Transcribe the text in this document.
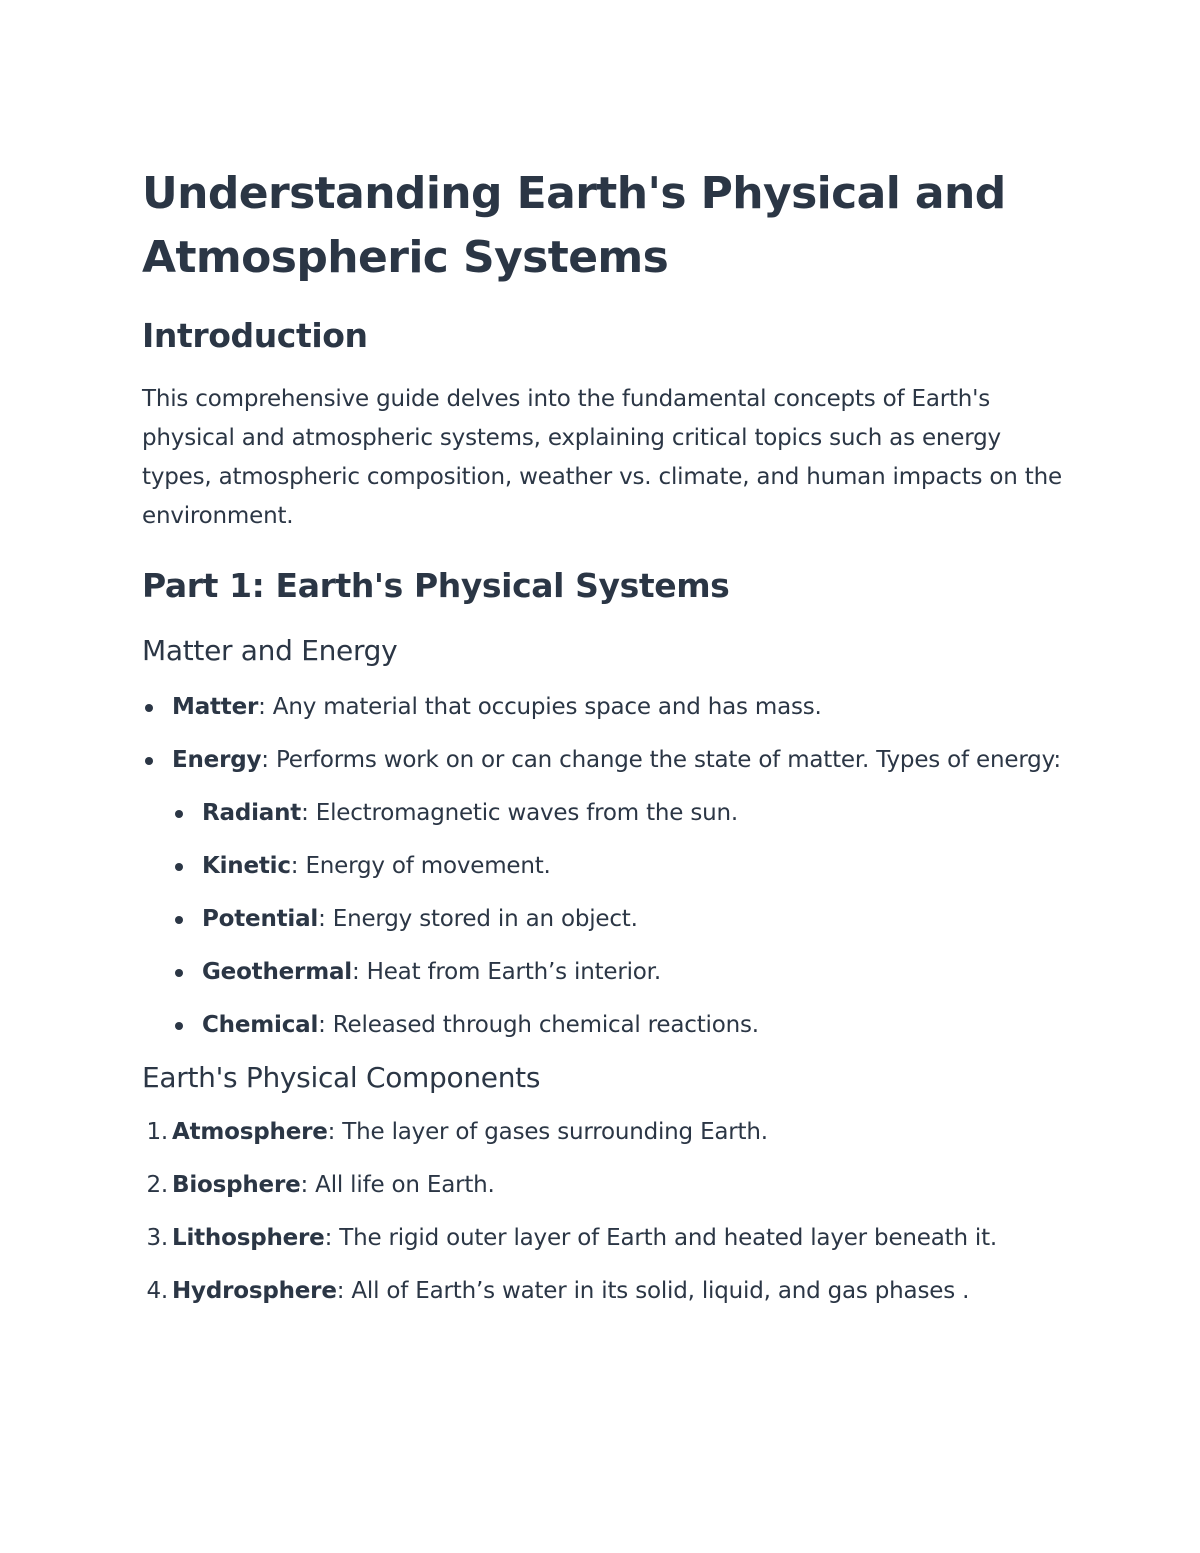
Understanding Earth's Physical and Atmospheric Systems
Introduction

This comprehensive guide delves into the fundamental concepts of Earth's physical and atmospheric systems, explaining critical topics such as energy types, atmospheric composition, weather vs. climate, and human impacts on the environment.

Part 1: Earth's Physical Systems
Matter and Energy
Matter: Any material that occupies space and has mass.
Energy: Performs work on or can change the state of matter. Types of energy:
Radiant: Electromagnetic waves from the sun.
Kinetic: Energy of movement.
Potential: Energy stored in an object.
Geothermal: Heat from Earth’s interior.
Chemical: Released through chemical reactions.
Earth's Physical Components
1. Atmosphere: The layer of gases surrounding Earth.
2. Biosphere: All life on Earth.
3. Lithosphere: The rigid outer layer of Earth and heated layer beneath it.
4. Hydrosphere: All of Earth’s water in its solid, liquid, and gas phases .
